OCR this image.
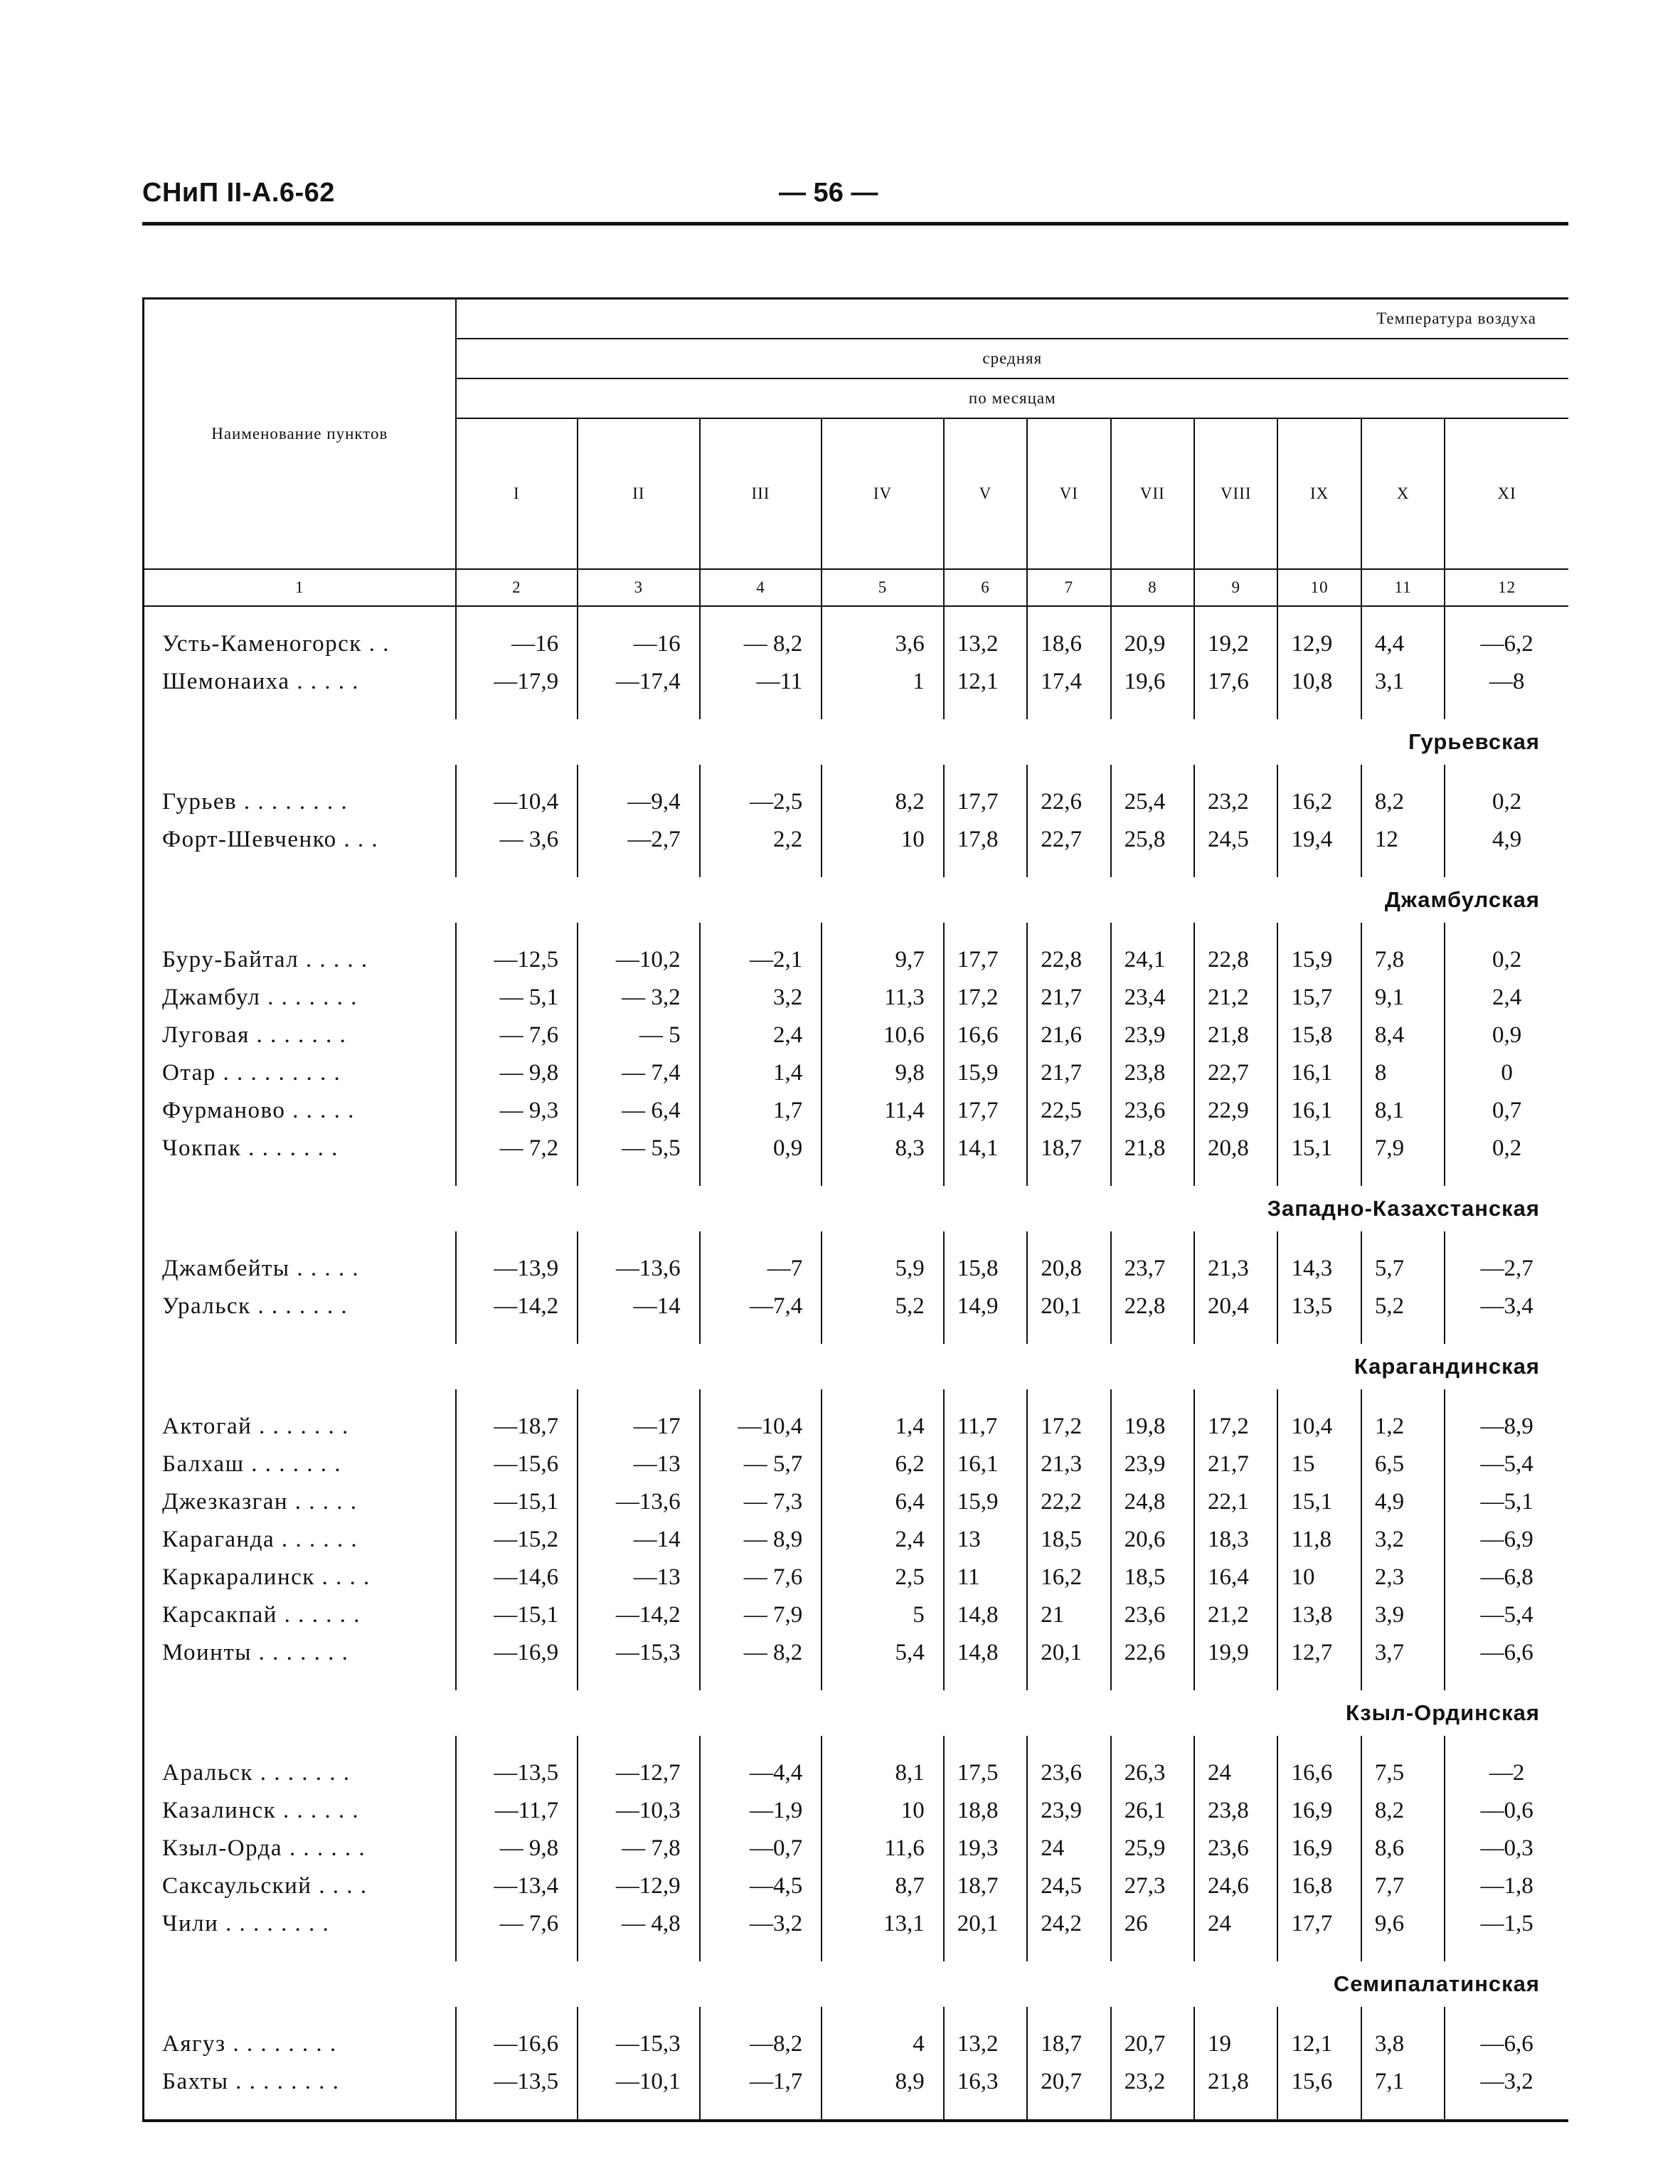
СНиП II-А.6-62	— 56 —
Наименование пунктов	Температура воздуха										
	средняя										
	по месяцам										
	I	II	III	IV	V	VI	VII	VIII	IX	X	XI
1	2	3	4	5	6	7	8	9	10	11	12

Усть-Каменогорск . .	—16	—16	— 8,2	3,6	13,2	18,6	20,9	19,2	12,9	4,4	—6,2
Шемонаиха . . . . .	—17,9	—17,4	—11	1	12,1	17,4	19,6	17,6	10,8	3,1	—8

	Гурьевская										

Гурьев . . . . . . . .	—10,4	—9,4	—2,5	8,2	17,7	22,6	25,4	23,2	16,2	8,2	0,2
Форт-Шевченко . . .	— 3,6	—2,7	2,2	10	17,8	22,7	25,8	24,5	19,4	12	4,9

	Джамбулская										

Буру-Байтал . . . . .	—12,5	—10,2	—2,1	9,7	17,7	22,8	24,1	22,8	15,9	7,8	0,2
Джамбул . . . . . . .	— 5,1	— 3,2	3,2	11,3	17,2	21,7	23,4	21,2	15,7	9,1	2,4
Луговая . . . . . . .	— 7,6	— 5	2,4	10,6	16,6	21,6	23,9	21,8	15,8	8,4	0,9
Отар . . . . . . . . .	— 9,8	— 7,4	1,4	9,8	15,9	21,7	23,8	22,7	16,1	8	0
Фурманово . . . . .	— 9,3	— 6,4	1,7	11,4	17,7	22,5	23,6	22,9	16,1	8,1	0,7
Чокпак . . . . . . .	— 7,2	— 5,5	0,9	8,3	14,1	18,7	21,8	20,8	15,1	7,9	0,2

	Западно-Казахстанская										

Джамбейты . . . . .	—13,9	—13,6	—7	5,9	15,8	20,8	23,7	21,3	14,3	5,7	—2,7
Уральск . . . . . . .	—14,2	—14	—7,4	5,2	14,9	20,1	22,8	20,4	13,5	5,2	—3,4

	Карагандинская										

Актогай . . . . . . .	—18,7	—17	—10,4	1,4	11,7	17,2	19,8	17,2	10,4	1,2	—8,9
Балхаш . . . . . . .	—15,6	—13	— 5,7	6,2	16,1	21,3	23,9	21,7	15	6,5	—5,4
Джезказган . . . . .	—15,1	—13,6	— 7,3	6,4	15,9	22,2	24,8	22,1	15,1	4,9	—5,1
Караганда . . . . . .	—15,2	—14	— 8,9	2,4	13	18,5	20,6	18,3	11,8	3,2	—6,9
Каркаралинск . . . .	—14,6	—13	— 7,6	2,5	11	16,2	18,5	16,4	10	2,3	—6,8
Карсакпай . . . . . .	—15,1	—14,2	— 7,9	5	14,8	21	23,6	21,2	13,8	3,9	—5,4
Моинты . . . . . . .	—16,9	—15,3	— 8,2	5,4	14,8	20,1	22,6	19,9	12,7	3,7	—6,6

	Кзыл-Ординская										

Аральск . . . . . . .	—13,5	—12,7	—4,4	8,1	17,5	23,6	26,3	24	16,6	7,5	—2
Казалинск . . . . . .	—11,7	—10,3	—1,9	10	18,8	23,9	26,1	23,8	16,9	8,2	—0,6
Кзыл-Орда . . . . . .	— 9,8	— 7,8	—0,7	11,6	19,3	24	25,9	23,6	16,9	8,6	—0,3
Саксаульский . . . .	—13,4	—12,9	—4,5	8,7	18,7	24,5	27,3	24,6	16,8	7,7	—1,8
Чили . . . . . . . .	— 7,6	— 4,8	—3,2	13,1	20,1	24,2	26	24	17,7	9,6	—1,5

	Семипалатинская										

Аягуз . . . . . . . .	—16,6	—15,3	—8,2	4	13,2	18,7	20,7	19	12,1	3,8	—6,6
Бахты . . . . . . . .	—13,5	—10,1	—1,7	8,9	16,3	20,7	23,2	21,8	15,6	7,1	—3,2
